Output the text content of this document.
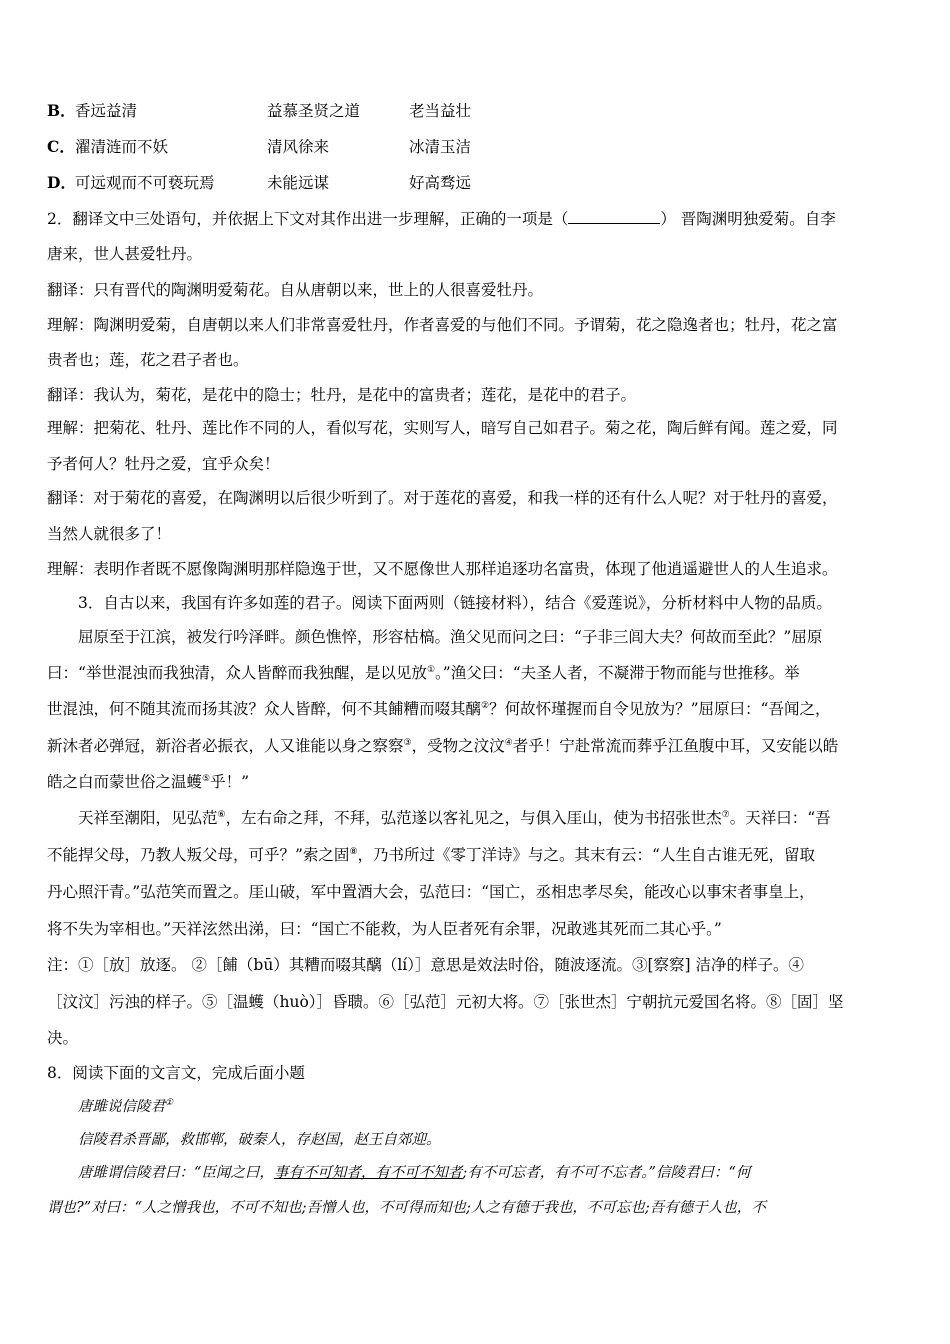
B． 香远益清	益慕圣贤之道	老当益壮
C． 濯清涟而不妖	清风徐来	冰清玉洁
D． 可远观而不可亵玩焉	未能远谋	好高骛远
2．翻译文中三处语句，并依据上下文对其作出进一步理解，正确的一项是（	） 晋陶渊明独爱菊。自李
唐来，世人甚爱牡丹。
翻译：只有晋代的陶渊明爱菊花。自从唐朝以来，世上的人很喜爱牡丹。
理解：陶渊明爱菊，自唐朝以来人们非常喜爱牡丹，作者喜爱的与他们不同。予谓菊，花之隐逸者也；牡丹，花之富
贵者也；莲，花之君子者也。
翻译：我认为，菊花，是花中的隐士；牡丹，是花中的富贵者；莲花，是花中的君子。
理解：把菊花、牡丹、莲比作不同的人，看似写花，实则写人，暗写自己如君子。菊之花，陶后鲜有闻。莲之爱，同
予者何人？牡丹之爱，宜乎众矣！
翻译：对于菊花的喜爱，在陶渊明以后很少听到了。对于莲花的喜爱，和我一样的还有什么人呢？对于牡丹的喜爱，
当然人就很多了！
理解：表明作者既不愿像陶渊明那样隐逸于世，又不愿像世人那样追逐功名富贵，体现了他逍遥避世人的人生追求。
3．自古以来，我国有许多如莲的君子。阅读下面两则（链接材料），结合《爱莲说》，分析材料中人物的品质。
屈原至于江滨，被发行吟泽畔。颜色憔悴，形容枯槁。渔父见而问之曰：“子非三闾大夫？何故而至此？”屈原
曰：“举世混浊而我独清，众人皆醉而我独醒，是以见放①。”渔父曰：“夫圣人者，不凝滞于物而能与世推移。举
世混浊，何不随其流而扬其波？众人皆醉，何不其餔糟而啜其醨②？何故怀瑾握而自令见放为？”屈原曰：“吾闻之，
新沐者必弹冠，新浴者必振衣，人又谁能以身之察察③，受物之汶汶④者乎！宁赴常流而葬乎江鱼腹中耳，又安能以皓
皓之白而蒙世俗之温蠖⑤乎！”
天祥至潮阳，见弘范⑥，左右命之拜，不拜，弘范遂以客礼见之，与俱入厓山，使为书招张世杰⑦。天祥曰：“吾
不能捍父母，乃教人叛父母，可乎？”索之固⑧，乃书所过《零丁洋诗》与之。其末有云：“人生自古谁无死，留取
丹心照汗青。”弘范笑而置之。厓山破，军中置酒大会，弘范曰：“国亡，丞相忠孝尽矣，能改心以事宋者事皇上，
将不失为宰相也。”天祥泫然出涕，曰：“国亡不能救，为人臣者死有余罪，况敢逃其死而二其心乎。”
注：①［放］放逐。 ②［餔（bū）其糟而啜其醨（lí）］意思是效法时俗，随波逐流。③[察察] 洁净的样子。④
［汶汶］污浊的样子。⑤［温蠖（huò）］昏聩。⑥［弘范］元初大将。⑦［张世杰］宁朝抗元爱国名将。⑧［固］坚
决。
8．阅读下面的文言文，完成后面小题
唐雎说信陵君①
信陵君杀晋鄙，救邯郸，破秦人，存赵国，赵王自郊迎。
唐雎谓信陵君曰：“臣闻之曰，事有不可知者，有不可不知者;有不可忘者，有不可不忘者。”信陵君曰：“何
谓也?”对曰：“人之憎我也，不可不知也;吾憎人也，不可得而知也;人之有德于我也，不可忘也;吾有德于人也，不
